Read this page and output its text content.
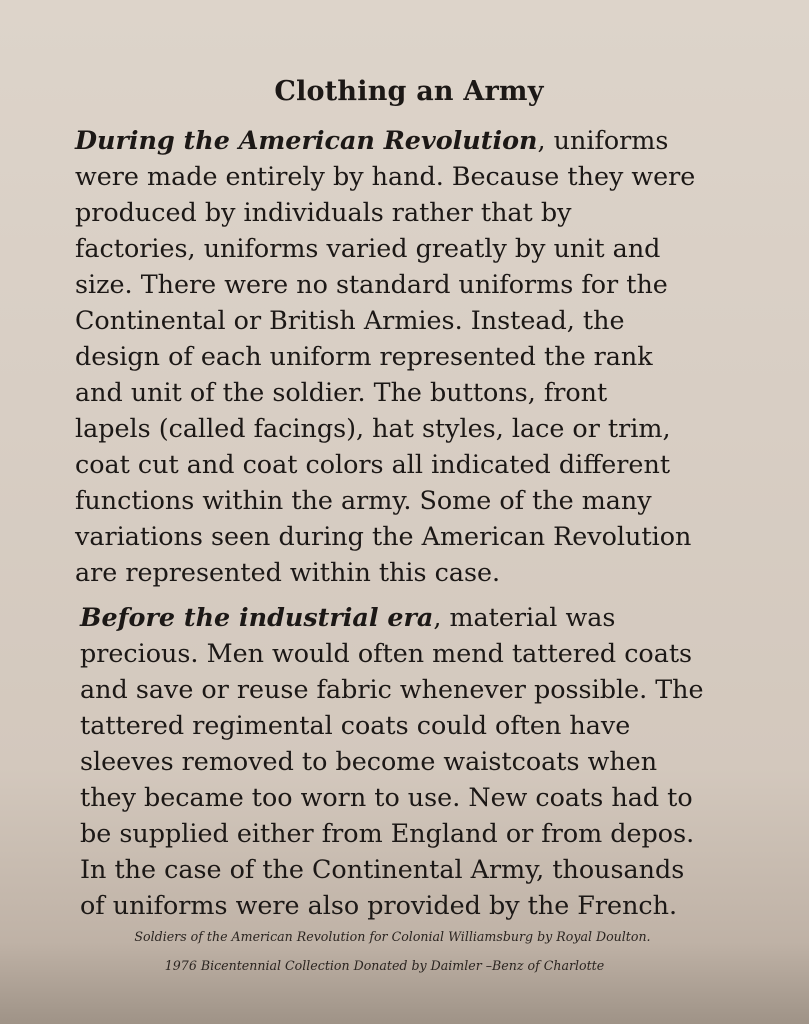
Clothing an Army
During the American Revolution, uniforms
were made entirely by hand. Because they were
produced by individuals rather that by
factories, uniforms varied greatly by unit and
size. There were no standard uniforms for the
Continental or British Armies. Instead, the
design of each uniform represented the rank
and unit of the soldier. The buttons, front
lapels (called facings), hat styles, lace or trim,
coat cut and coat colors all indicated different
functions within the army. Some of the many
variations seen during the American Revolution
are represented within this case.
Before the industrial era, material was
precious. Men would often mend tattered coats
and save or reuse fabric whenever possible. The
tattered regimental coats could often have
sleeves removed to become waistcoats when
they became too worn to use. New coats had to
be supplied either from England or from depos.
In the case of the Continental Army, thousands
of uniforms were also provided by the French.

Soldiers of the American Revolution for Colonial Williamsburg by Royal Doulton.

1976 Bicentennial Collection Donated by Daimler –Benz of Charlotte
